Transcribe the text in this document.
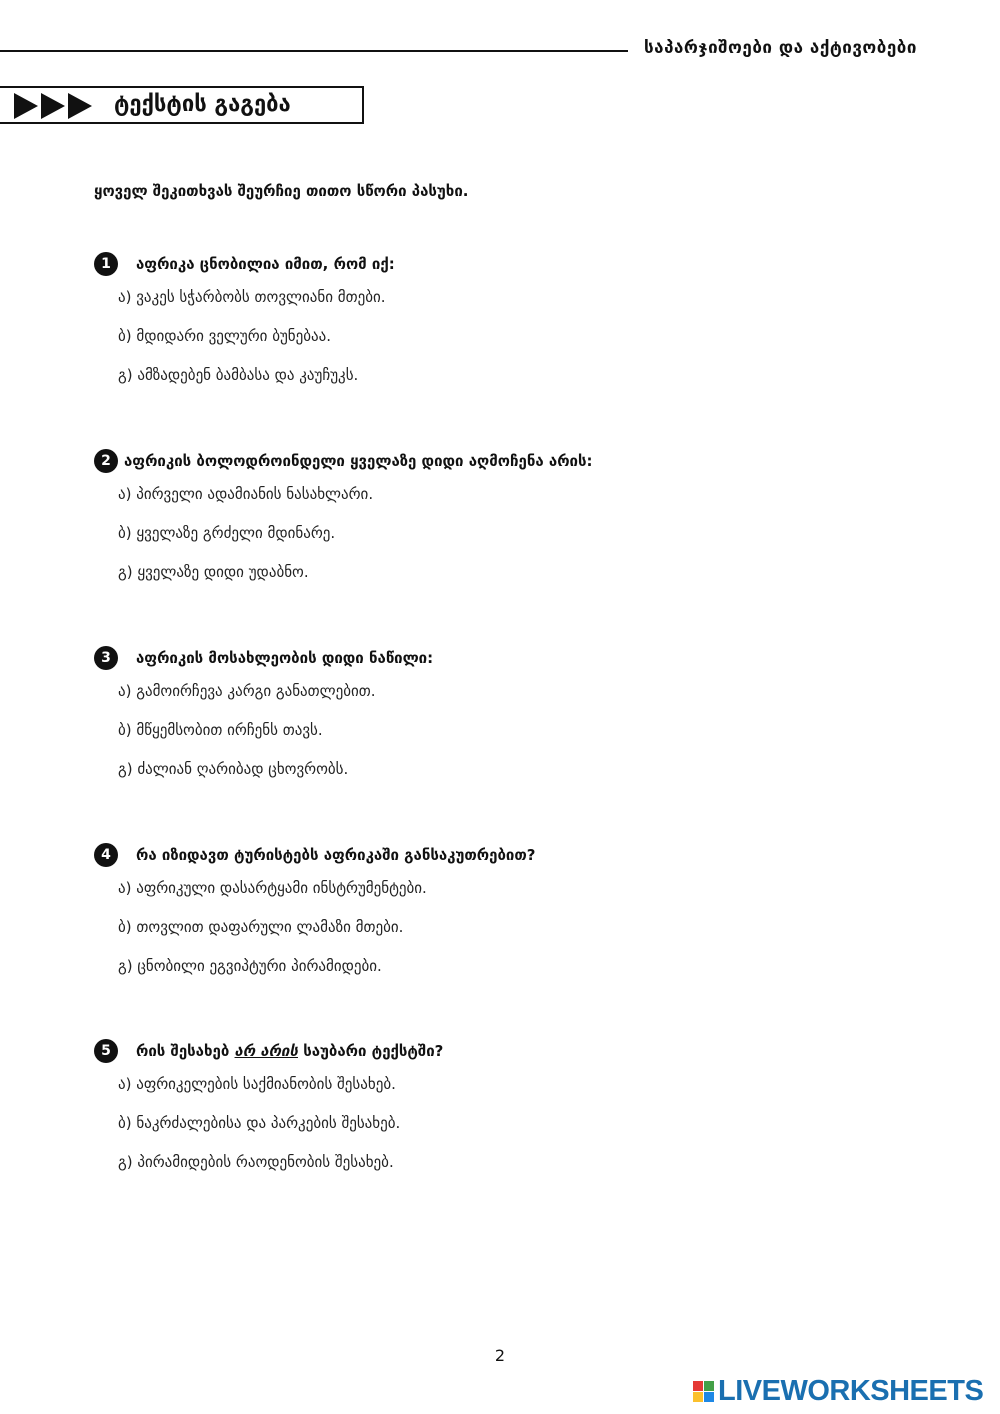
საპარჯიშოები და აქტივობები
ტექსტის გაგება
ყოველ შეკითხვას შეურჩიე თითო სწორი პასუხი.
1	აფრიკა ცნობილია იმით, რომ იქ:
ა) ვაკეს სჭარბობს თოვლიანი მთები.
ბ) მდიდარი ველური ბუნებაა.
გ) ამზადებენ ბამბასა და კაუჩუკს.
2 აფრიკის ბოლოდროინდელი ყველაზე დიდი აღმოჩენა არის:
ა) პირველი ადამიანის ნასახლარი.
ბ) ყველაზე გრძელი მდინარე.
გ) ყველაზე დიდი უდაბნო.
3	აფრიკის მოსახლეობის დიდი ნაწილი:
ა) გამოირჩევა კარგი განათლებით.
ბ) მწყემსობით ირჩენს თავს.
გ) ძალიან ღარიბად ცხოვრობს.
4	რა იზიდავთ ტურისტებს აფრიკაში განსაკუთრებით?
ა) აფრიკული დასარტყამი ინსტრუმენტები.
ბ) თოვლით დაფარული ლამაზი მთები.
გ) ცნობილი ეგვიპტური პირამიდები.
5	რის შესახებ არ არის საუბარი ტექსტში?
ა) აფრიკელების საქმიანობის შესახებ.
ბ) ნაკრძალებისა და პარკების შესახებ.
გ) პირამიდების რაოდენობის შესახებ.
2
LIVEWORKSHEETS
